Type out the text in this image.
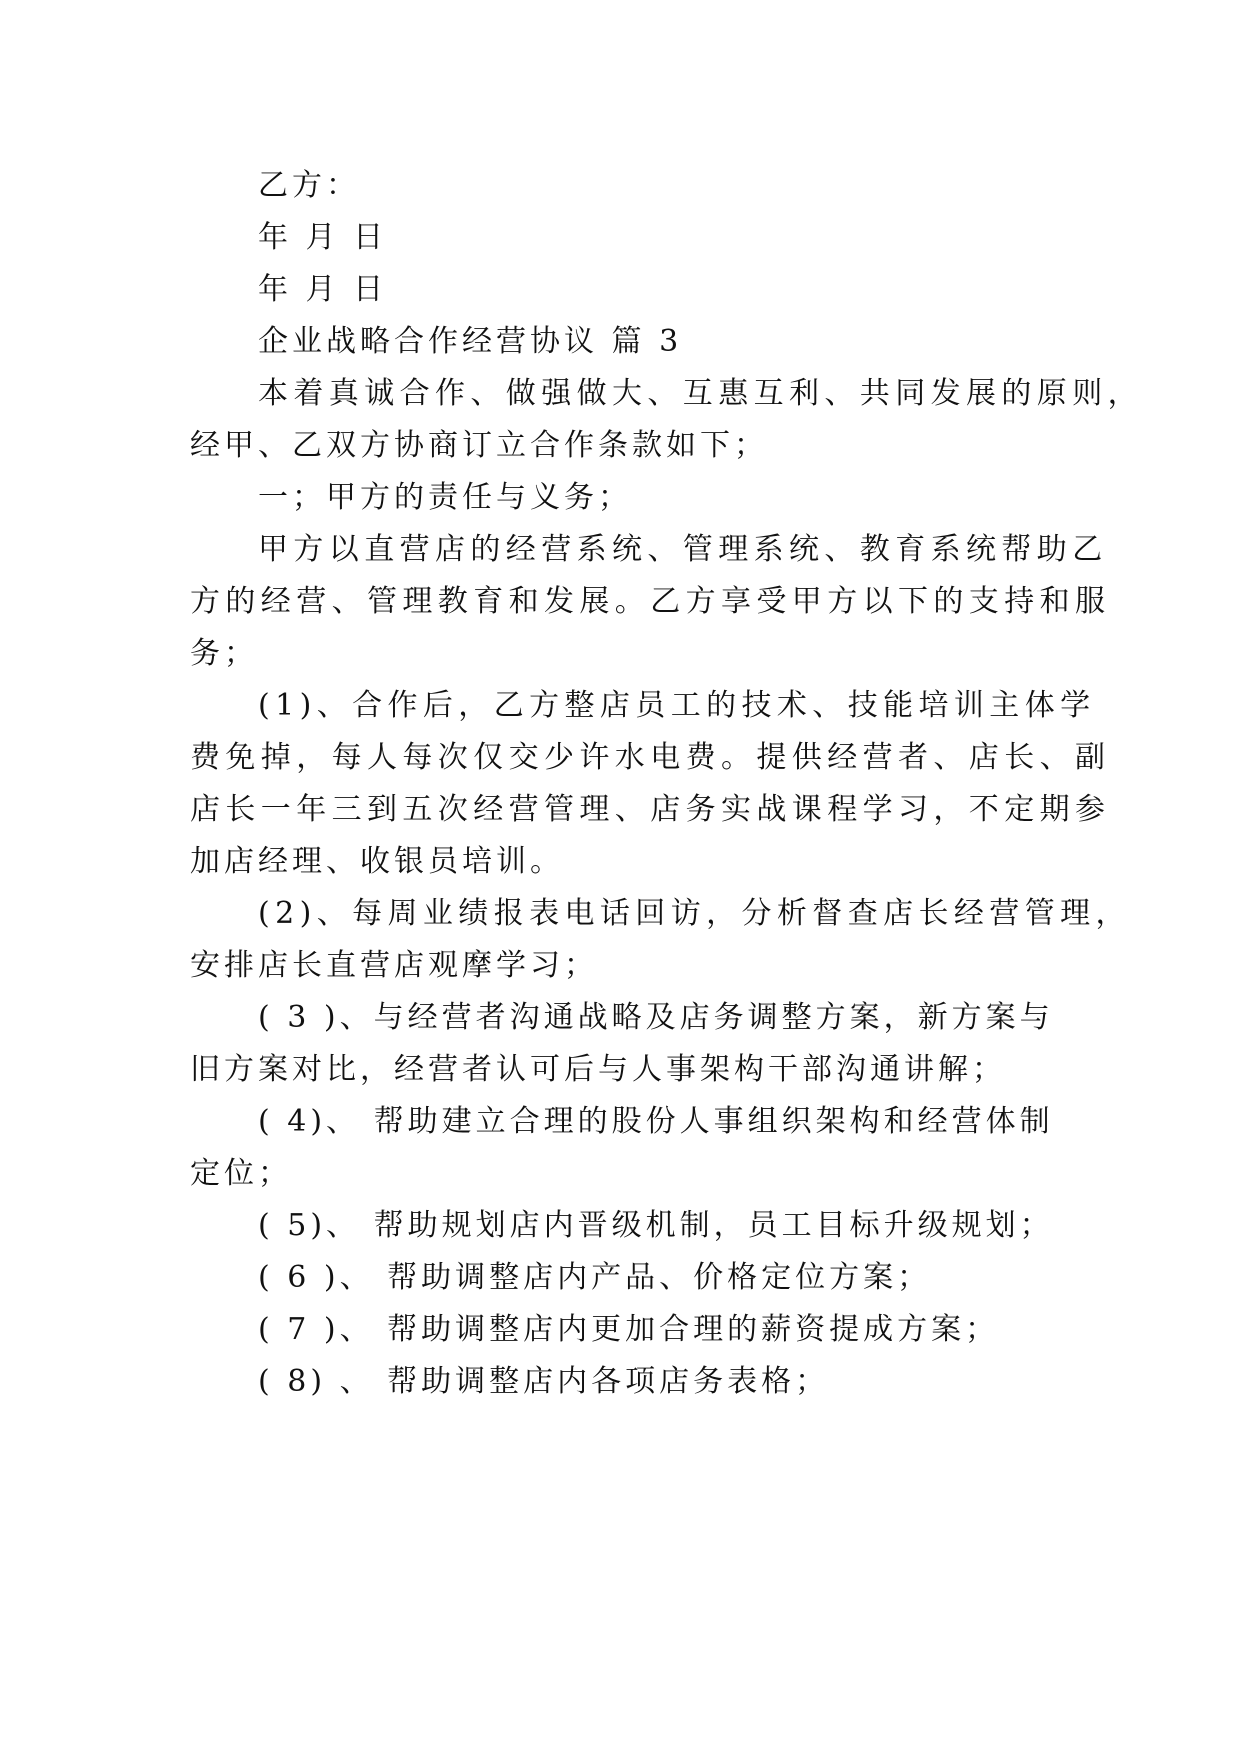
乙方：
年 月 日
年 月 日
企业战略合作经营协议 篇 3
本着真诚合作、做强做大、互惠互利、共同发展的原则，
经甲、乙双方协商订立合作条款如下；
一；甲方的责任与义务；
甲方以直营店的经营系统、管理系统、教育系统帮助乙
方的经营、管理教育和发展。乙方享受甲方以下的支持和服
务；
(1)、合作后，乙方整店员工的技术、技能培训主体学
费免掉，每人每次仅交少许水电费。提供经营者、店长、副
店长一年三到五次经营管理、店务实战课程学习，不定期参
加店经理、收银员培训。
(2)、每周业绩报表电话回访，分析督查店长经营管理，
安排店长直营店观摩学习；
( 3 )、与经营者沟通战略及店务调整方案，新方案与
旧方案对比，经营者认可后与人事架构干部沟通讲解；
( 4)、 帮助建立合理的股份人事组织架构和经营体制
定位；
( 5)、 帮助规划店内晋级机制，员工目标升级规划；
( 6 )、 帮助调整店内产品、价格定位方案；
( 7 )、 帮助调整店内更加合理的薪资提成方案；
( 8) 、 帮助调整店内各项店务表格；
